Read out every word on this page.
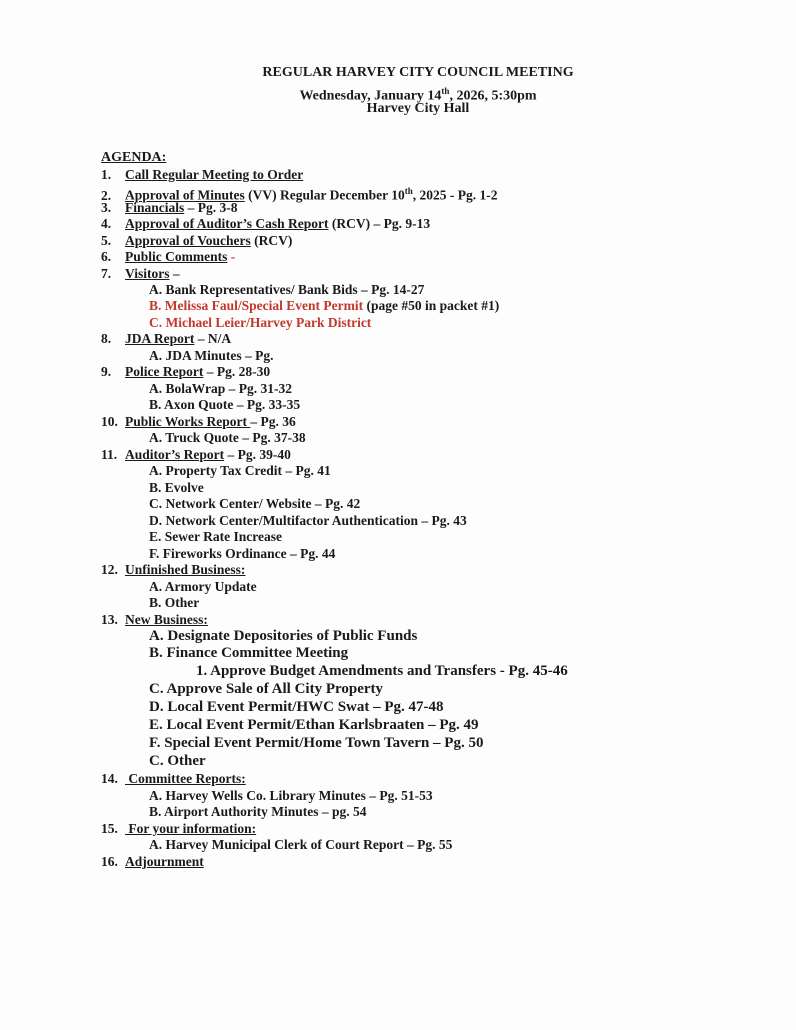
REGULAR HARVEY CITY COUNCIL MEETING
Wednesday, January 14th, 2026, 5:30pm
Harvey City Hall
AGENDA:
1. Call Regular Meeting to Order
2. Approval of Minutes (VV) Regular December 10th, 2025 - Pg. 1-2
3. Financials – Pg. 3-8
4. Approval of Auditor’s Cash Report (RCV) – Pg. 9-13
5. Approval of Vouchers (RCV)
6. Public Comments -
7. Visitors –
A. Bank Representatives/ Bank Bids – Pg. 14-27
B. Melissa Faul/Special Event Permit (page #50 in packet #1)
C. Michael Leier/Harvey Park District
8. JDA Report – N/A
A. JDA Minutes – Pg.
9. Police Report – Pg. 28-30
A. BolaWrap – Pg. 31-32
B. Axon Quote – Pg. 33-35
10. Public Works Report – Pg. 36
A. Truck Quote – Pg. 37-38
11. Auditor’s Report – Pg. 39-40
A. Property Tax Credit – Pg. 41
B. Evolve
C. Network Center/ Website – Pg. 42
D. Network Center/Multifactor Authentication – Pg. 43
E. Sewer Rate Increase
F. Fireworks Ordinance – Pg. 44
12. Unfinished Business:
A. Armory Update
B. Other
13. New Business:
A. Designate Depositories of Public Funds
B. Finance Committee Meeting
1. Approve Budget Amendments and Transfers - Pg. 45-46
C. Approve Sale of All City Property
D. Local Event Permit/HWC Swat – Pg. 47-48
E. Local Event Permit/Ethan Karlsbraaten – Pg. 49
F. Special Event Permit/Home Town Tavern – Pg. 50
C. Other
14. Committee Reports:
A. Harvey Wells Co. Library Minutes – Pg. 51-53
B. Airport Authority Minutes – pg. 54
15. For your information:
A. Harvey Municipal Clerk of Court Report – Pg. 55
16. Adjournment
